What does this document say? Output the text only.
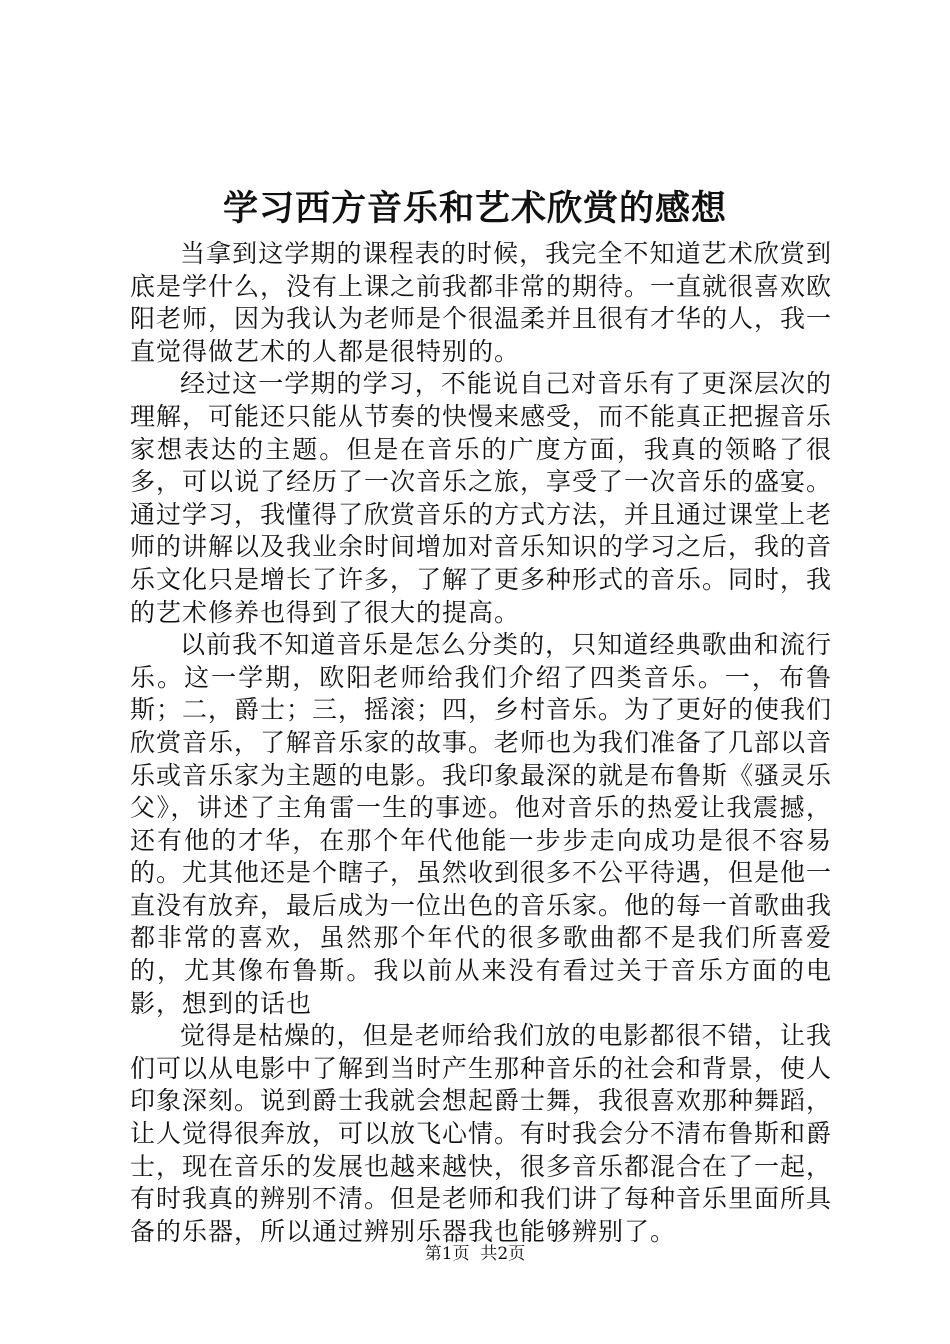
学习西方音乐和艺术欣赏的感想

当拿到这学期的课程表的时候，我完全不知道艺术欣赏到底是学什么，没有上课之前我都非常的期待。一直就很喜欢欧阳老师，因为我认为老师是个很温柔并且很有才华的人，我一直觉得做艺术的人都是很特别的。

经过这一学期的学习，不能说自己对音乐有了更深层次的理解，可能还只能从节奏的快慢来感受，而不能真正把握音乐家想表达的主题。但是在音乐的广度方面，我真的领略了很多，可以说了经历了一次音乐之旅，享受了一次音乐的盛宴。通过学习，我懂得了欣赏音乐的方式方法，并且通过课堂上老师的讲解以及我业余时间增加对音乐知识的学习之后，我的音乐文化只是增长了许多，了解了更多种形式的音乐。同时，我的艺术修养也得到了很大的提高。

以前我不知道音乐是怎么分类的，只知道经典歌曲和流行乐。这一学期，欧阳老师给我们介绍了四类音乐。一，布鲁斯；二，爵士；三，摇滚；四，乡村音乐。为了更好的使我们欣赏音乐，了解音乐家的故事。老师也为我们准备了几部以音乐或音乐家为主题的电影。我印象最深的就是布鲁斯《骚灵乐父》，讲述了主角雷一生的事迹。他对音乐的热爱让我震撼，还有他的才华，在那个年代他能一步步走向成功是很不容易的。尤其他还是个瞎子，虽然收到很多不公平待遇，但是他一直没有放弃，最后成为一位出色的音乐家。他的每一首歌曲我都非常的喜欢，虽然那个年代的很多歌曲都不是我们所喜爱的，尤其像布鲁斯。我以前从来没有看过关于音乐方面的电影，想到的话也

觉得是枯燥的，但是老师给我们放的电影都很不错，让我们可以从电影中了解到当时产生那种音乐的社会和背景，使人印象深刻。说到爵士我就会想起爵士舞，我很喜欢那种舞蹈，让人觉得很奔放，可以放飞心情。有时我会分不清布鲁斯和爵士，现在音乐的发展也越来越快，很多音乐都混合在了一起，有时我真的辨别不清。但是老师和我们讲了每种音乐里面所具备的乐器，所以通过辨别乐器我也能够辨别了。

第1页 共2页
